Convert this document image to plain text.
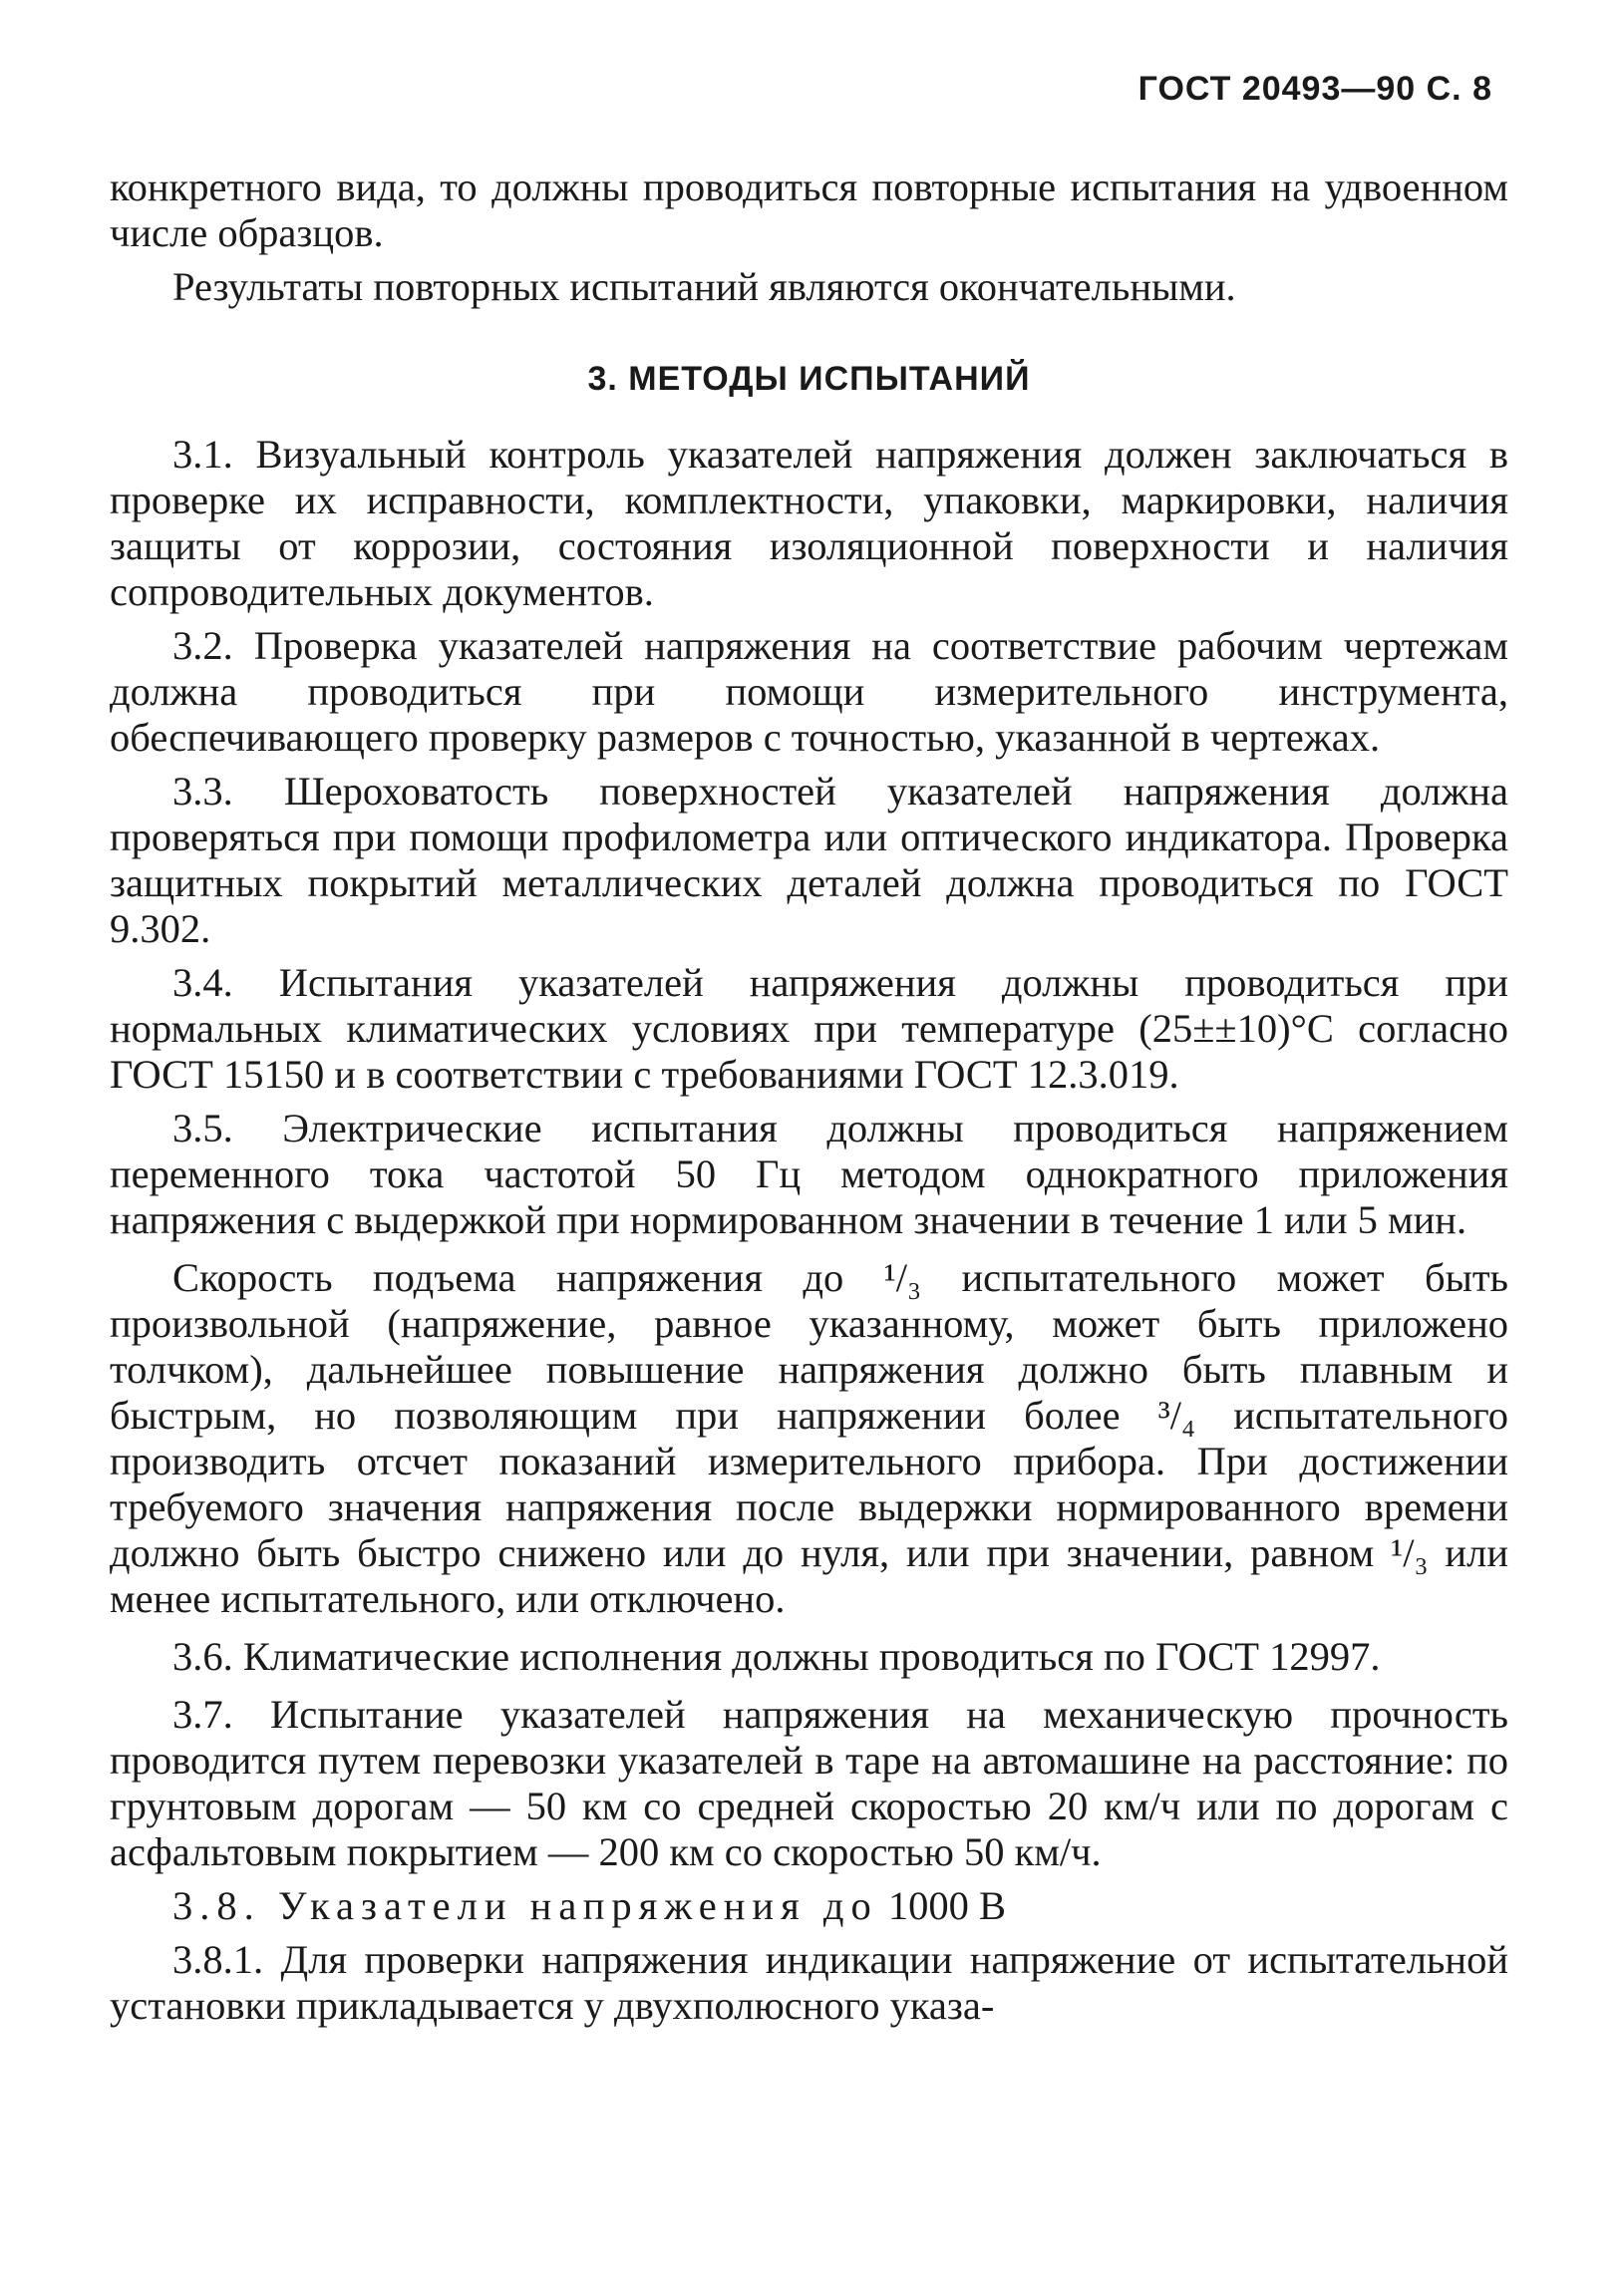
ГОСТ 20493—90 С. 8

конкретного вида, то должны проводиться повторные испытания на удвоенном числе образцов.

Результаты повторных испытаний являются окончательными.

3. МЕТОДЫ ИСПЫТАНИЙ

3.1. Визуальный контроль указателей напряжения должен заключаться в проверке их исправности, комплектности, упаковки, маркировки, наличия защиты от коррозии, состояния изоляционной поверхности и наличия сопроводительных документов.

3.2. Проверка указателей напряжения на соответствие рабочим чертежам должна проводиться при помощи измерительного инструмента, обеспечивающего проверку размеров с точностью, указанной в чертежах.

3.3. Шероховатость поверхностей указателей напряжения должна проверяться при помощи профилометра или оптического индикатора. Проверка защитных покрытий металлических деталей должна проводиться по ГОСТ 9.302.

3.4. Испытания указателей напряжения должны проводиться при нормальных климатических условиях при температуре (25±±10)°С согласно ГОСТ 15150 и в соответствии с требованиями ГОСТ 12.3.019.

3.5. Электрические испытания должны проводиться напряжением переменного тока частотой 50 Гц методом однократного приложения напряжения с выдержкой при нормированном значении в течение 1 или 5 мин.

Скорость подъема напряжения до ¹/₃ испытательного может быть произвольной (напряжение, равное указанному, может быть приложено толчком), дальнейшее повышение напряжения должно быть плавным и быстрым, но позволяющим при напряжении более ³/₄ испытательного производить отсчет показаний измерительного прибора. При достижении требуемого значения напряжения после выдержки нормированного времени должно быть быстро снижено или до нуля, или при значении, равном ¹/₃ или менее испытательного, или отключено.

3.6. Климатические исполнения должны проводиться по ГОСТ 12997.

3.7. Испытание указателей напряжения на механическую прочность проводится путем перевозки указателей в таре на автомашине на расстояние: по грунтовым дорогам — 50 км со средней скоростью 20 км/ч или по дорогам с асфальтовым покрытием — 200 км со скоростью 50 км/ч.

3.8. Указатели напряжения до 1000 В

3.8.1. Для проверки напряжения индикации напряжение от испытательной установки прикладывается у двухполюсного указа-
